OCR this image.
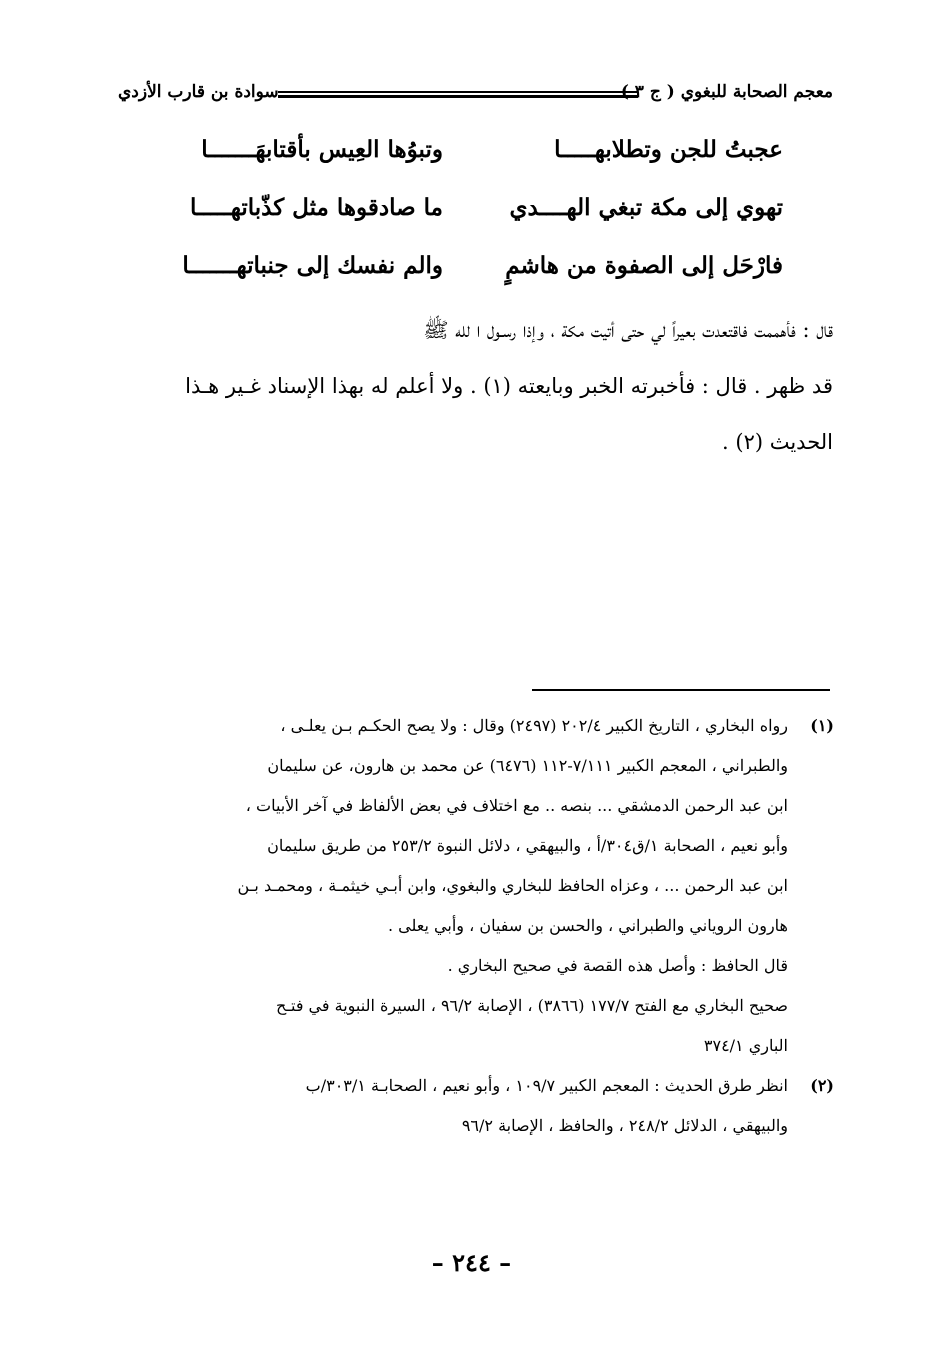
معجم الصحابة للبغوي ( ج ٣ )
سوادة بن قارب الأزدي
عجبتُ للجن وتطلابهـــــا
وتبوُها العِيس بأقتابهَـــــــا
تهوي إلى مكة تبغي الهــــدي
ما صادقوها مثل كذّباتهـــــا
فارْحَل إلى الصفوة من هاشمٍ
والم نفسك إلى جنباتهـــــــا
قال : فأهممت فاقتعدت بعيراً لي حتى أتيت مكة ، وإذا رسـول ا لله ﷺ
قد ظهر . قال : فأخبرته الخبر وبايعته (١) . ولا أعلم له بهذا الإسناد غـير هـذا
الحديث (٢) .
(١)
رواه البخاري ، التاريخ الكبير ٢٠٢/٤ (٢٤٩٧) وقال : ولا يصح الحكـم بـن يعلـى ،
والطبراني ، المعجم الكبير ٧/١١١-١١٢ (٦٤٧٦) عن محمد بن هارون، عن سليمان
ابن عبد الرحمن الدمشقي ... بنصه .. مع اختلاف في بعض الألفاظ في آخر الأبيات ،
وأبو نعيم ، الصحابة ١/ق٣٠٤/أ ، والبيهقي ، دلائل النبوة ٢٥٣/٢ من طريق سليمان
ابن عبد الرحمن ... ، وعزاه الحافظ للبخاري والبغوي، وابن أبـي خيثمـة ، ومحمـد بـن
هارون الروياني والطبراني ، والحسن بن سفيان ، وأبي يعلى .
قال الحافظ : وأصل هذه القصة في صحيح البخاري .
صحيح البخاري مع الفتح ١٧٧/٧ (٣٨٦٦) ، الإصابة ٩٦/٢ ، السيرة النبوية في فتـح
الباري ٣٧٤/١
(٢)
انظر طرق الحديث : المعجم الكبير ١٠٩/٧ ، وأبو نعيم ، الصحابـة ٣٠٣/١/ب
والبيهقي ، الدلائل ٢٤٨/٢ ، والحافظ ، الإصابة ٩٦/٢
– ٢٤٤ –
